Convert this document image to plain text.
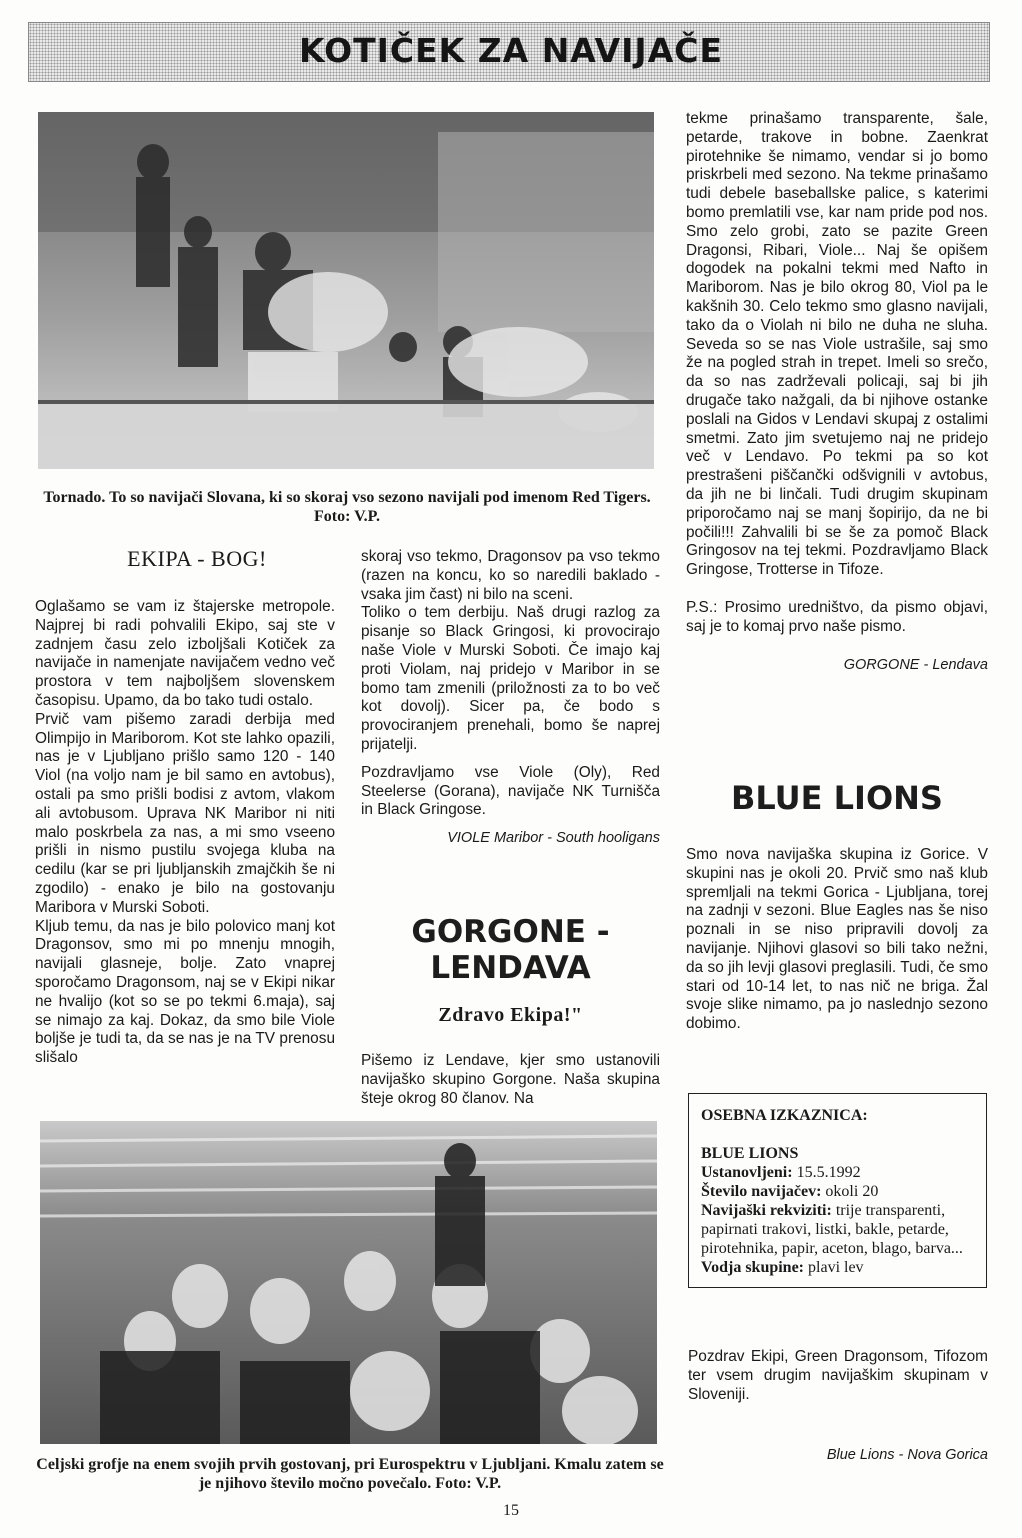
KOTIČEK ZA NAVIJAČE
Tornado. To so navijači Slovana, ki so skoraj vso sezono navijali pod imenom Red Tigers. Foto: V.P.
EKIPA - BOG!

Oglašamo se vam iz štajerske metropole. Najprej bi radi pohvalili Ekipo, saj ste v zadnjem času zelo izboljšali Kotiček za navijače in namenjate navijačem vedno več prostora v tem najboljšem slovenskem časopisu. Upamo, da bo tako tudi ostalo.

Prvič vam pišemo zaradi derbija med Olimpijo in Mariborom. Kot ste lahko opazili, nas je v Ljubljano prišlo samo 120 - 140 Viol (na voljo nam je bil samo en avtobus), ostali pa smo prišli bodisi z avtom, vlakom ali avtobusom. Uprava NK Maribor ni niti malo poskrbela za nas, a mi smo vseeno prišli in nismo pustilu svojega kluba na cedilu (kar se pri ljubljanskih zmajčkih še ni zgodilo) - enako je bilo na gostovanju Maribora v Murski Soboti.

Kljub temu, da nas je bilo polovico manj kot Dragonsov, smo mi po mnenju mnogih, navijali glasneje, bolje. Zato vnaprej sporočamo Dragonsom, naj se v Ekipi nikar ne hvalijo (kot so se po tekmi 6.maja), saj se nimajo za kaj. Dokaz, da smo bile Viole boljše je tudi ta, da se nas je na TV prenosu slišalo

skoraj vso tekmo, Dragonsov pa vso tekmo (razen na koncu, ko so naredili baklado - vsaka jim čast) ni bilo na sceni.

Toliko o tem derbiju. Naš drugi razlog za pisanje so Black Gringosi, ki provocirajo naše Viole v Murski Soboti. Če imajo kaj proti Violam, naj pridejo v Maribor in se bomo tam zmenili (priložnosti za to bo več kot dovolj). Sicer pa, če bodo s provociranjem prenehali, bomo še naprej prijatelji.

Pozdravljamo vse Viole (Oly), Red Steelerse (Gorana), navijače NK Turnišča in Black Gringose.

VIOLE Maribor - South hooligans

GORGONE -
LENDAVA
Zdravo Ekipa!"

Pišemo iz Lendave, kjer smo ustanovili navijaško skupino Gorgone. Naša skupina šteje okrog 80 članov. Na

tekme prinašamo transparente, šale, petarde, trakove in bobne. Zaenkrat pirotehnike še nimamo, vendar si jo bomo priskrbeli med sezono. Na tekme prinašamo tudi debele baseballske palice, s katerimi bomo premlatili vse, kar nam pride pod nos. Smo zelo grobi, zato se pazite Green Dragonsi, Ribari, Viole... Naj še opišem dogodek na pokalni tekmi med Nafto in Mariborom. Nas je bilo okrog 80, Viol pa le kakšnih 30. Celo tekmo smo glasno navijali, tako da o Violah ni bilo ne duha ne sluha. Seveda so se nas Viole ustrašile, saj smo že na pogled strah in trepet. Imeli so srečo, da so nas zadrževali policaji, saj bi jih drugače tako nažgali, da bi njihove ostanke poslali na Gidos v Lendavi skupaj z ostalimi smetmi. Zato jim svetujemo naj ne pridejo več v Lendavo. Po tekmi pa so kot prestrašeni piščančki odšvignili v avtobus, da jih ne bi linčali. Tudi drugim skupinam priporočamo naj se manj šopirijo, da ne bi počili!!! Zahvalili bi se še za pomoč Black Gringosov na tej tekmi. Pozdravljamo Black Gringose, Trotterse in Tifoze.

P.S.: Prosimo uredništvo, da pismo objavi, saj je to komaj prvo naše pismo.

GORGONE - Lendava

BLUE LIONS

Smo nova navijaška skupina iz Gorice. V skupini nas je okoli 20. Prvič smo naš klub spremljali na tekmi Gorica - Ljubljana, torej na zadnji v sezoni. Blue Eagles nas še niso poznali in se niso pripravili dovolj za navijanje. Njihovi glasovi so bili tako nežni, da so jih levji glasovi preglasili. Tudi, če smo stari od 10-14 let, to nas nič ne briga. Žal svoje slike nimamo, pa jo naslednjo sezono dobimo.

OSEBNA IZKAZNICA:
BLUE LIONS
Ustanovljeni: 15.5.1992
Število navijačev: okoli 20
Navijaški rekviziti: trije transparenti, papirnati trakovi, listki, bakle, petarde, pirotehnika, papir, aceton, blago, barva...
Vodja skupine: plavi lev

Pozdrav Ekipi, Green Dragonsom, Tifozom ter vsem drugim navijaškim skupinam v Sloveniji.

Blue Lions - Nova Gorica
Celjski grofje na enem svojih prvih gostovanj, pri Eurospektru v Ljubljani. Kmalu zatem se je njihovo število močno povečalo. Foto: V.P.
15
